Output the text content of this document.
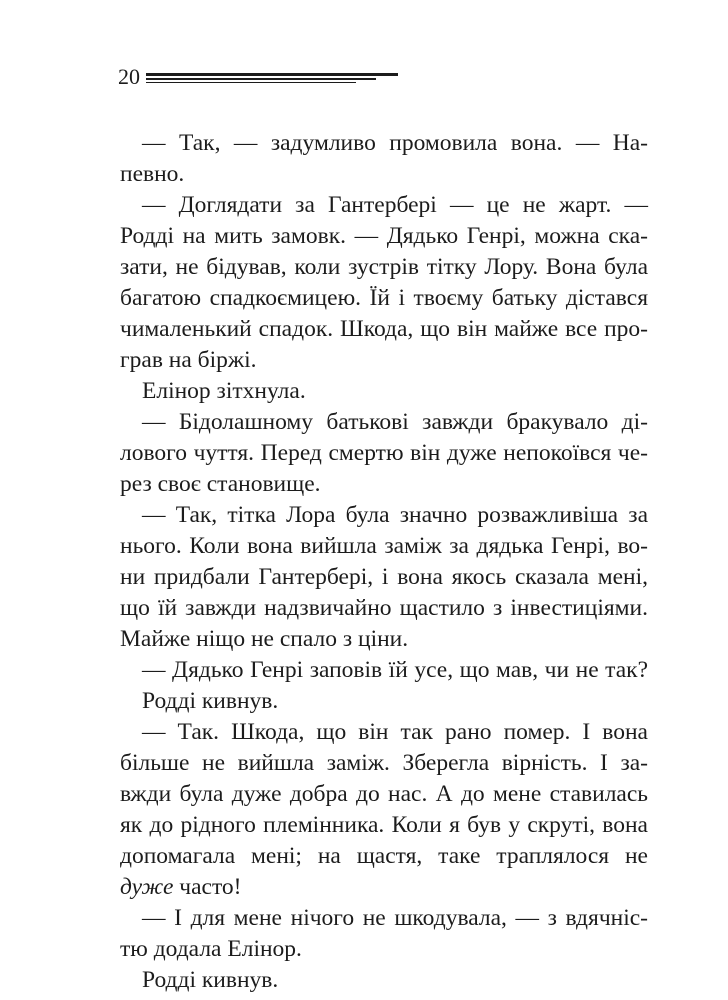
20
— Так, — задумливо промовила вона. — На-
певно.
— Доглядати за Гантербері — це не жарт. —
Родді на мить замовк. — Дядько Генрі, можна ска-
зати, не бідував, коли зустрів тітку Лору. Вона була
багатою спадкоємицею. Їй і твоєму батьку дістався
чималенький спадок. Шкода, що він майже все про-
грав на біржі.
Елінор зітхнула.
— Бідолашному батькові завжди бракувало ді-
лового чуття. Перед смертю він дуже непокоївся че-
рез своє становище.
— Так, тітка Лора була значно розважливіша за
нього. Коли вона вийшла заміж за дядька Генрі, во-
ни придбали Гантербері, і вона якось сказала мені,
що їй завжди надзвичайно щастило з інвестиціями.
Майже ніщо не спало з ціни.
— Дядько Генрі заповів їй усе, що мав, чи не так?
Родді кивнув.
— Так. Шкода, що він так рано помер. І вона
більше не вийшла заміж. Зберегла вірність. І за-
вжди була дуже добра до нас. А до мене ставилась
як до рідного племінника. Коли я був у скруті, вона
допомагала мені; на щастя, таке траплялося не
дуже часто!
— І для мене нічого не шкодувала, — з вдячніс-
тю додала Елінор.
Родді кивнув.
